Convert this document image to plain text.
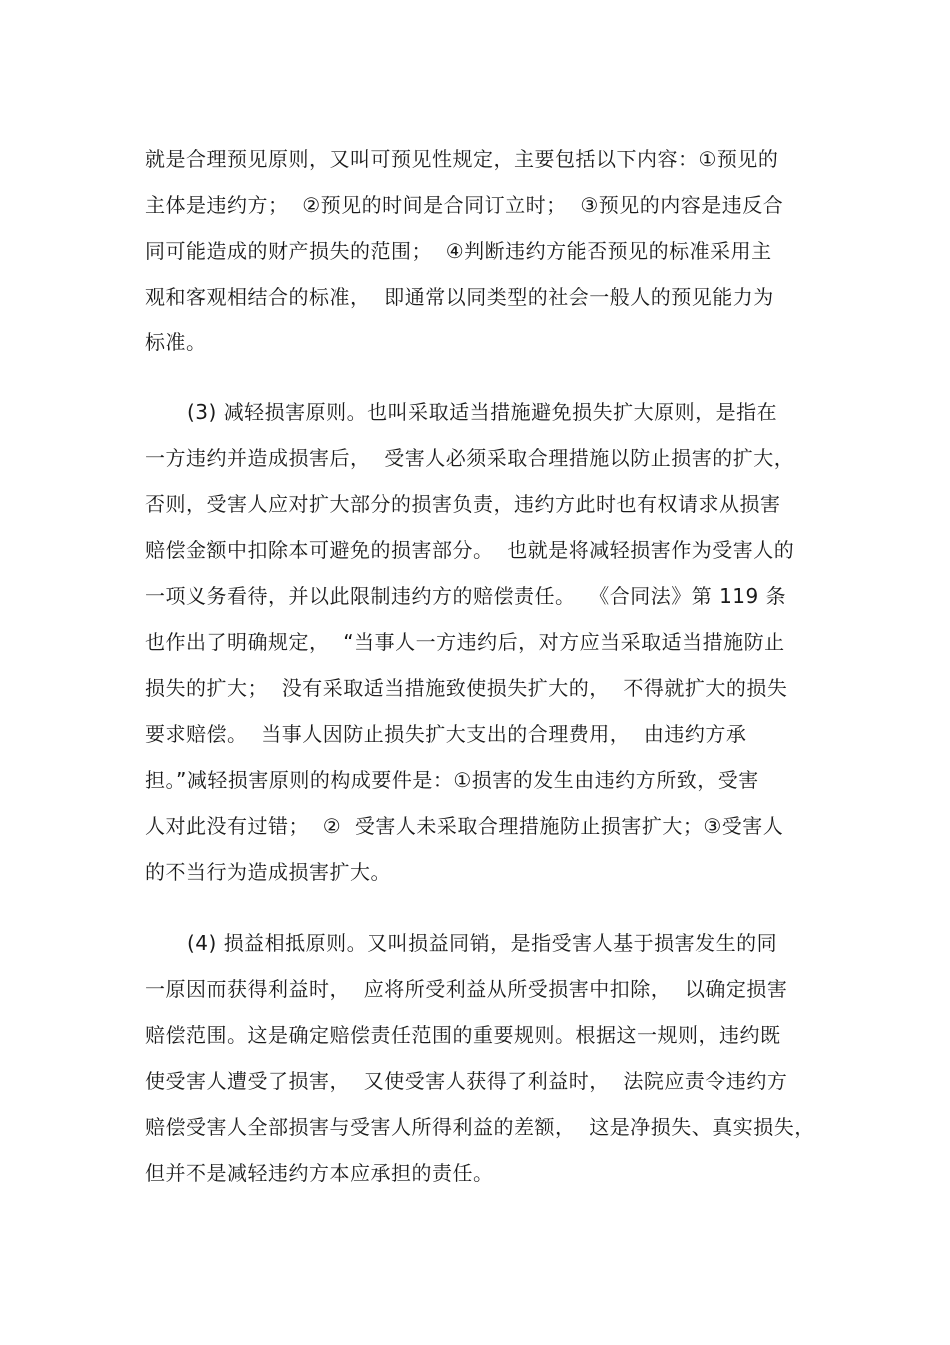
就是合理预见原则，又叫可预见性规定，主要包括以下内容：①预见的
主体是违约方；  ②预见的时间是合同订立时；  ③预见的内容是违反合
同可能造成的财产损失的范围；  ④判断违约方能否预见的标准采用主
观和客观相结合的标准，  即通常以同类型的社会一般人的预见能力为
标准。
(3) 减轻损害原则。也叫采取适当措施避免损失扩大原则，是指在
一方违约并造成损害后，  受害人必须采取合理措施以防止损害的扩大，
否则，受害人应对扩大部分的损害负责，违约方此时也有权请求从损害
赔偿金额中扣除本可避免的损害部分。  也就是将减轻损害作为受害人的
一项义务看待，并以此限制违约方的赔偿责任。  《合同法》第 119 条
也作出了明确规定，  “当事人一方违约后，对方应当采取适当措施防止
损失的扩大；  没有采取适当措施致使损失扩大的，  不得就扩大的损失
要求赔偿。  当事人因防止损失扩大支出的合理费用，  由违约方承
担。”减轻损害原则的构成要件是：①损害的发生由违约方所致，受害
人对此没有过错；  ②  受害人未采取合理措施防止损害扩大；③受害人
的不当行为造成损害扩大。
(4) 损益相抵原则。又叫损益同销，是指受害人基于损害发生的同
一原因而获得利益时，  应将所受利益从所受损害中扣除，  以确定损害
赔偿范围。这是确定赔偿责任范围的重要规则。根据这一规则，违约既
使受害人遭受了损害，  又使受害人获得了利益时，  法院应责令违约方
赔偿受害人全部损害与受害人所得利益的差额，  这是净损失、真实损失，
但并不是减轻违约方本应承担的责任。
